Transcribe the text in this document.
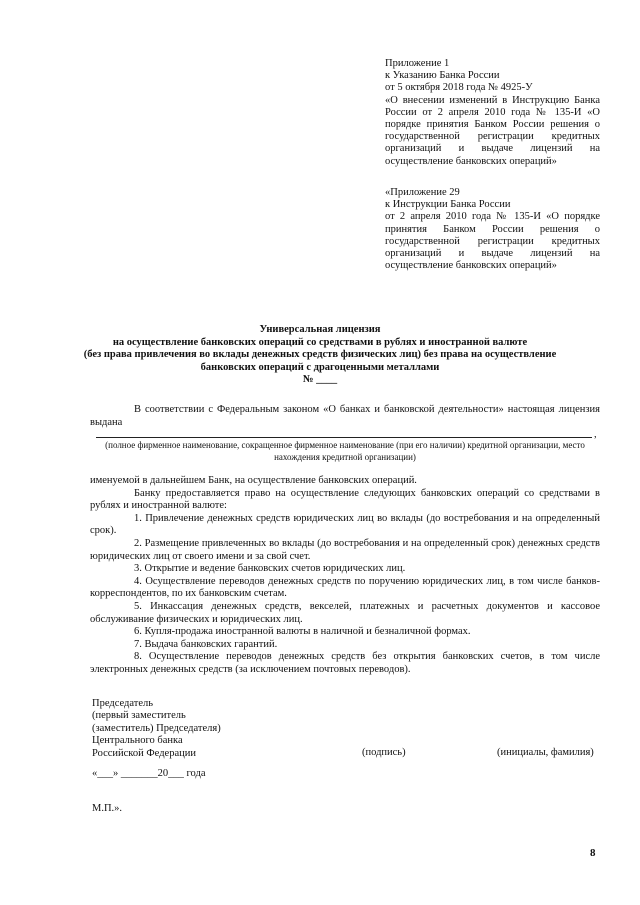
Приложение 1
к Указанию Банка России
от 5 октября 2018 года № 4925-У
«О внесении изменений в Инструкцию Банка России от 2 апреля 2010 года № 135-И «О порядке принятия Банком России решения о государственной регистрации кредитных организаций и выдаче лицензий на осуществление банковских операций»
«Приложение 29
к Инструкции Банка России
от 2 апреля 2010 года № 135-И «О порядке принятия Банком России решения о государственной регистрации кредитных организаций и выдаче лицензий на осуществление банковских операций»
Универсальная лицензия
на осуществление банковских операций со средствами в рублях и иностранной валюте
(без права привлечения во вклады денежных средств физических лиц) без права на осуществление
банковских операций с драгоценными металлами
№ ____
В соответствии с Федеральным законом «О банках и банковской деятельности» настоящая лицензия выдана
,
(полное фирменное наименование, сокращенное фирменное наименование (при его наличии) кредитной организации, место нахождения кредитной организации)

именуемой в дальнейшем Банк, на осуществление банковских операций.

Банку предоставляется право на осуществление следующих банковских операций со средствами в рублях и иностранной валюте:

1. Привлечение денежных средств юридических лиц во вклады (до востребования и на определенный срок).

2. Размещение привлеченных во вклады (до востребования и на определенный срок) денежных средств юридических лиц от своего имени и за свой счет.

3. Открытие и ведение банковских счетов юридических лиц.

4. Осуществление переводов денежных средств по поручению юридических лиц, в том числе банков-корреспондентов, по их банковским счетам.

5. Инкассация денежных средств, векселей, платежных и расчетных документов и кассовое обслуживание физических и юридических лиц.

6. Купля-продажа иностранной валюты в наличной и безналичной формах.

7. Выдача банковских гарантий.

8. Осуществление переводов денежных средств без открытия банковских счетов, в том числе электронных денежных средств (за исключением почтовых переводов).

Председатель
(первый заместитель
(заместитель) Председателя)
Центрального банка
Российской Федерации	(подпись)	(инициалы, фамилия)
«___» _______20___ года
М.П.».
8
